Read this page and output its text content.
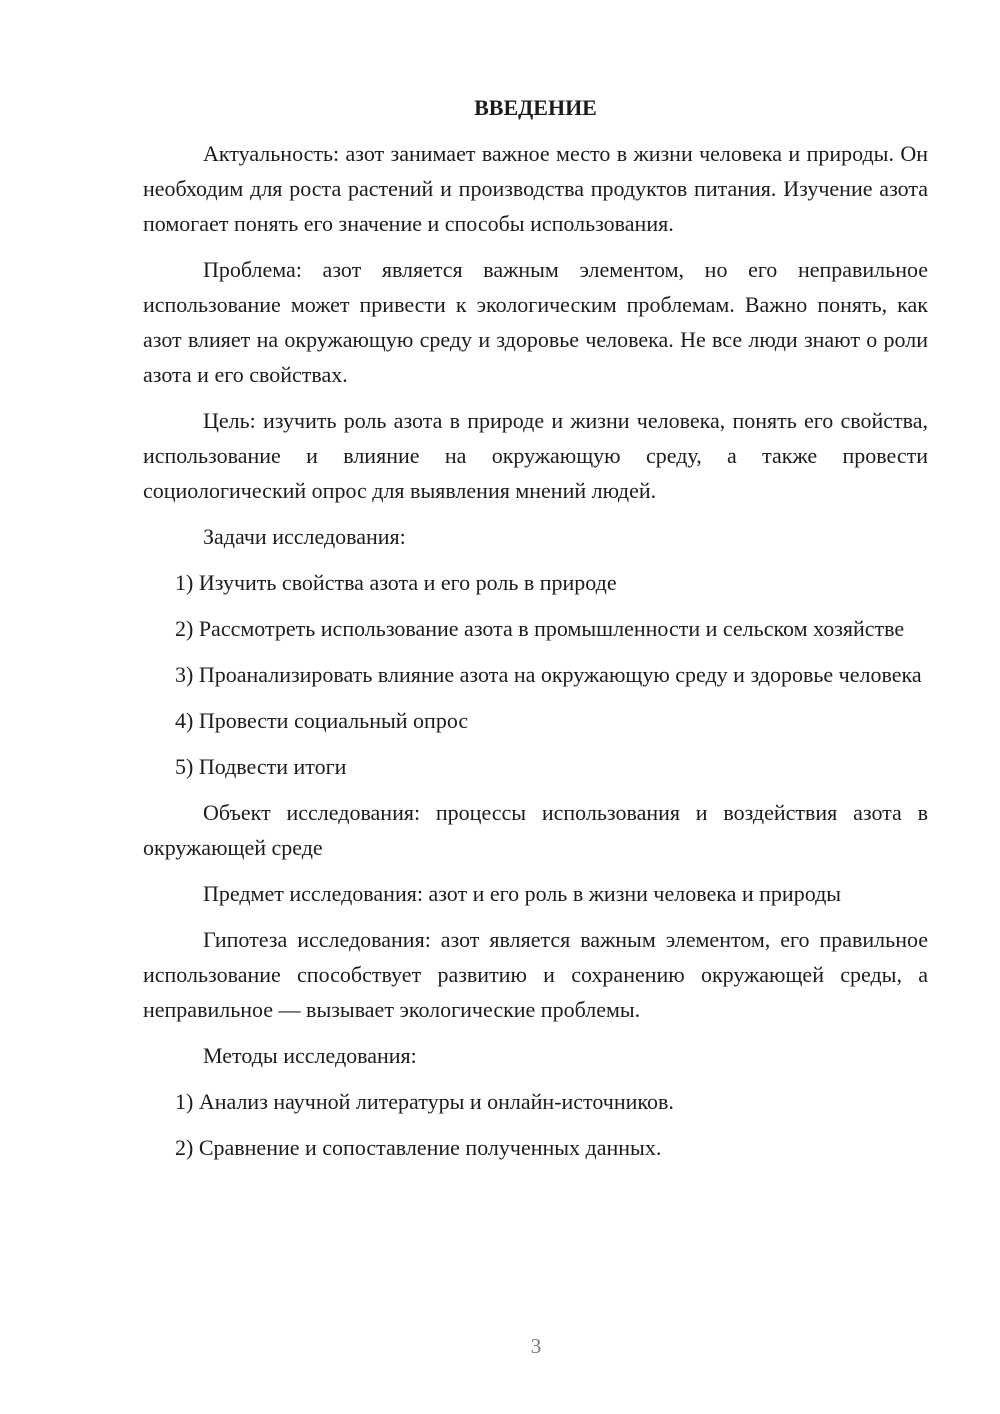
ВВЕДЕНИЕ

Актуальность: азот занимает важное место в жизни человека и природы. Он необходим для роста растений и производства продуктов питания. Изучение азота помогает понять его значение и способы использования.

Проблема: азот является важным элементом, но его неправильное использование может привести к экологическим проблемам. Важно понять, как азот влияет на окружающую среду и здоровье человека. Не все люди знают о роли азота и его свойствах.

Цель: изучить роль азота в природе и жизни человека, понять его свойства, использование и влияние на окружающую среду, а также провести социологический опрос для выявления мнений людей.

Задачи исследования:

1) Изучить свойства азота и его роль в природе

2) Рассмотреть использование азота в промышленности и сельском хозяйстве

3) Проанализировать влияние азота на окружающую среду и здоровье человека

4) Провести социальный опрос

5) Подвести итоги

Объект исследования: процессы использования и воздействия азота в окружающей среде

Предмет исследования: азот и его роль в жизни человека и природы

Гипотеза исследования: азот является важным элементом, его правильное использование способствует развитию и сохранению окружающей среды, а неправильное — вызывает экологические проблемы.

Методы исследования:

1) Анализ научной литературы и онлайн-источников.

2) Сравнение и сопоставление полученных данных.

3
